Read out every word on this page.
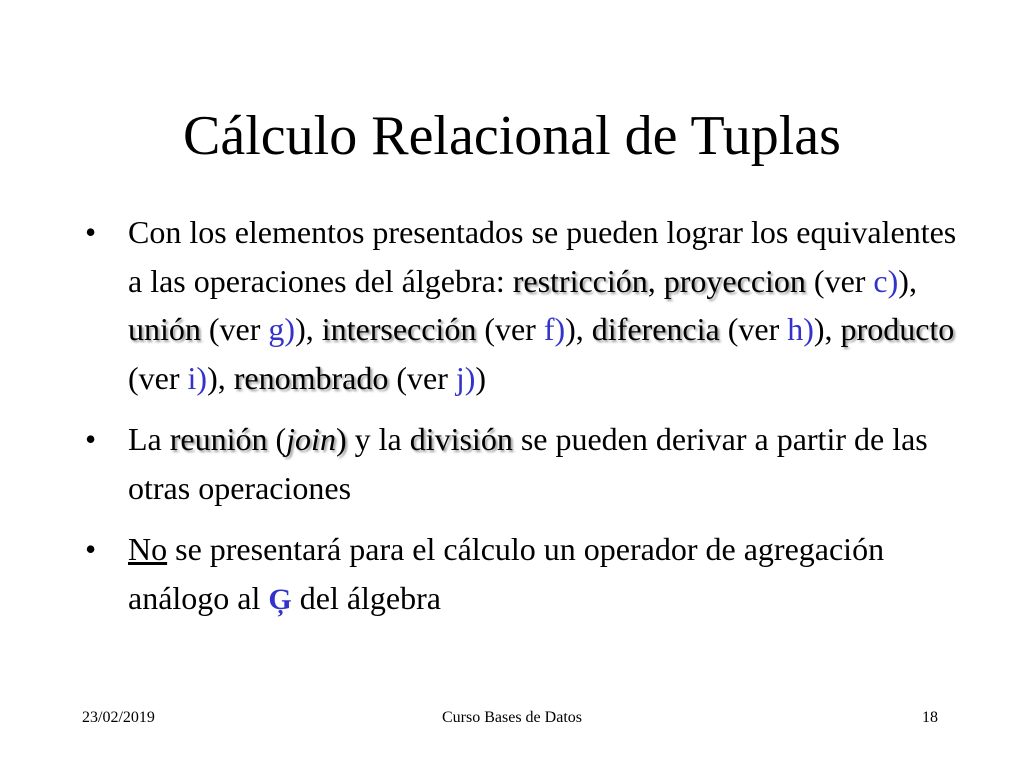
Cálculo Relacional de Tuplas
• Con los elementos presentados se pueden lograr los equivalentes a las operaciones del álgebra: restricción, proyeccion (ver c)), unión (ver g)), intersección (ver f)), diferencia (ver h)), producto (ver i)), renombrado (ver j))
• La reunión (join) y la división se pueden derivar a partir de las otras operaciones
• No se presentará para el cálculo un operador de agregación análogo al Ģ del álgebra
Curso Bases de Datos
23/02/2019	18
